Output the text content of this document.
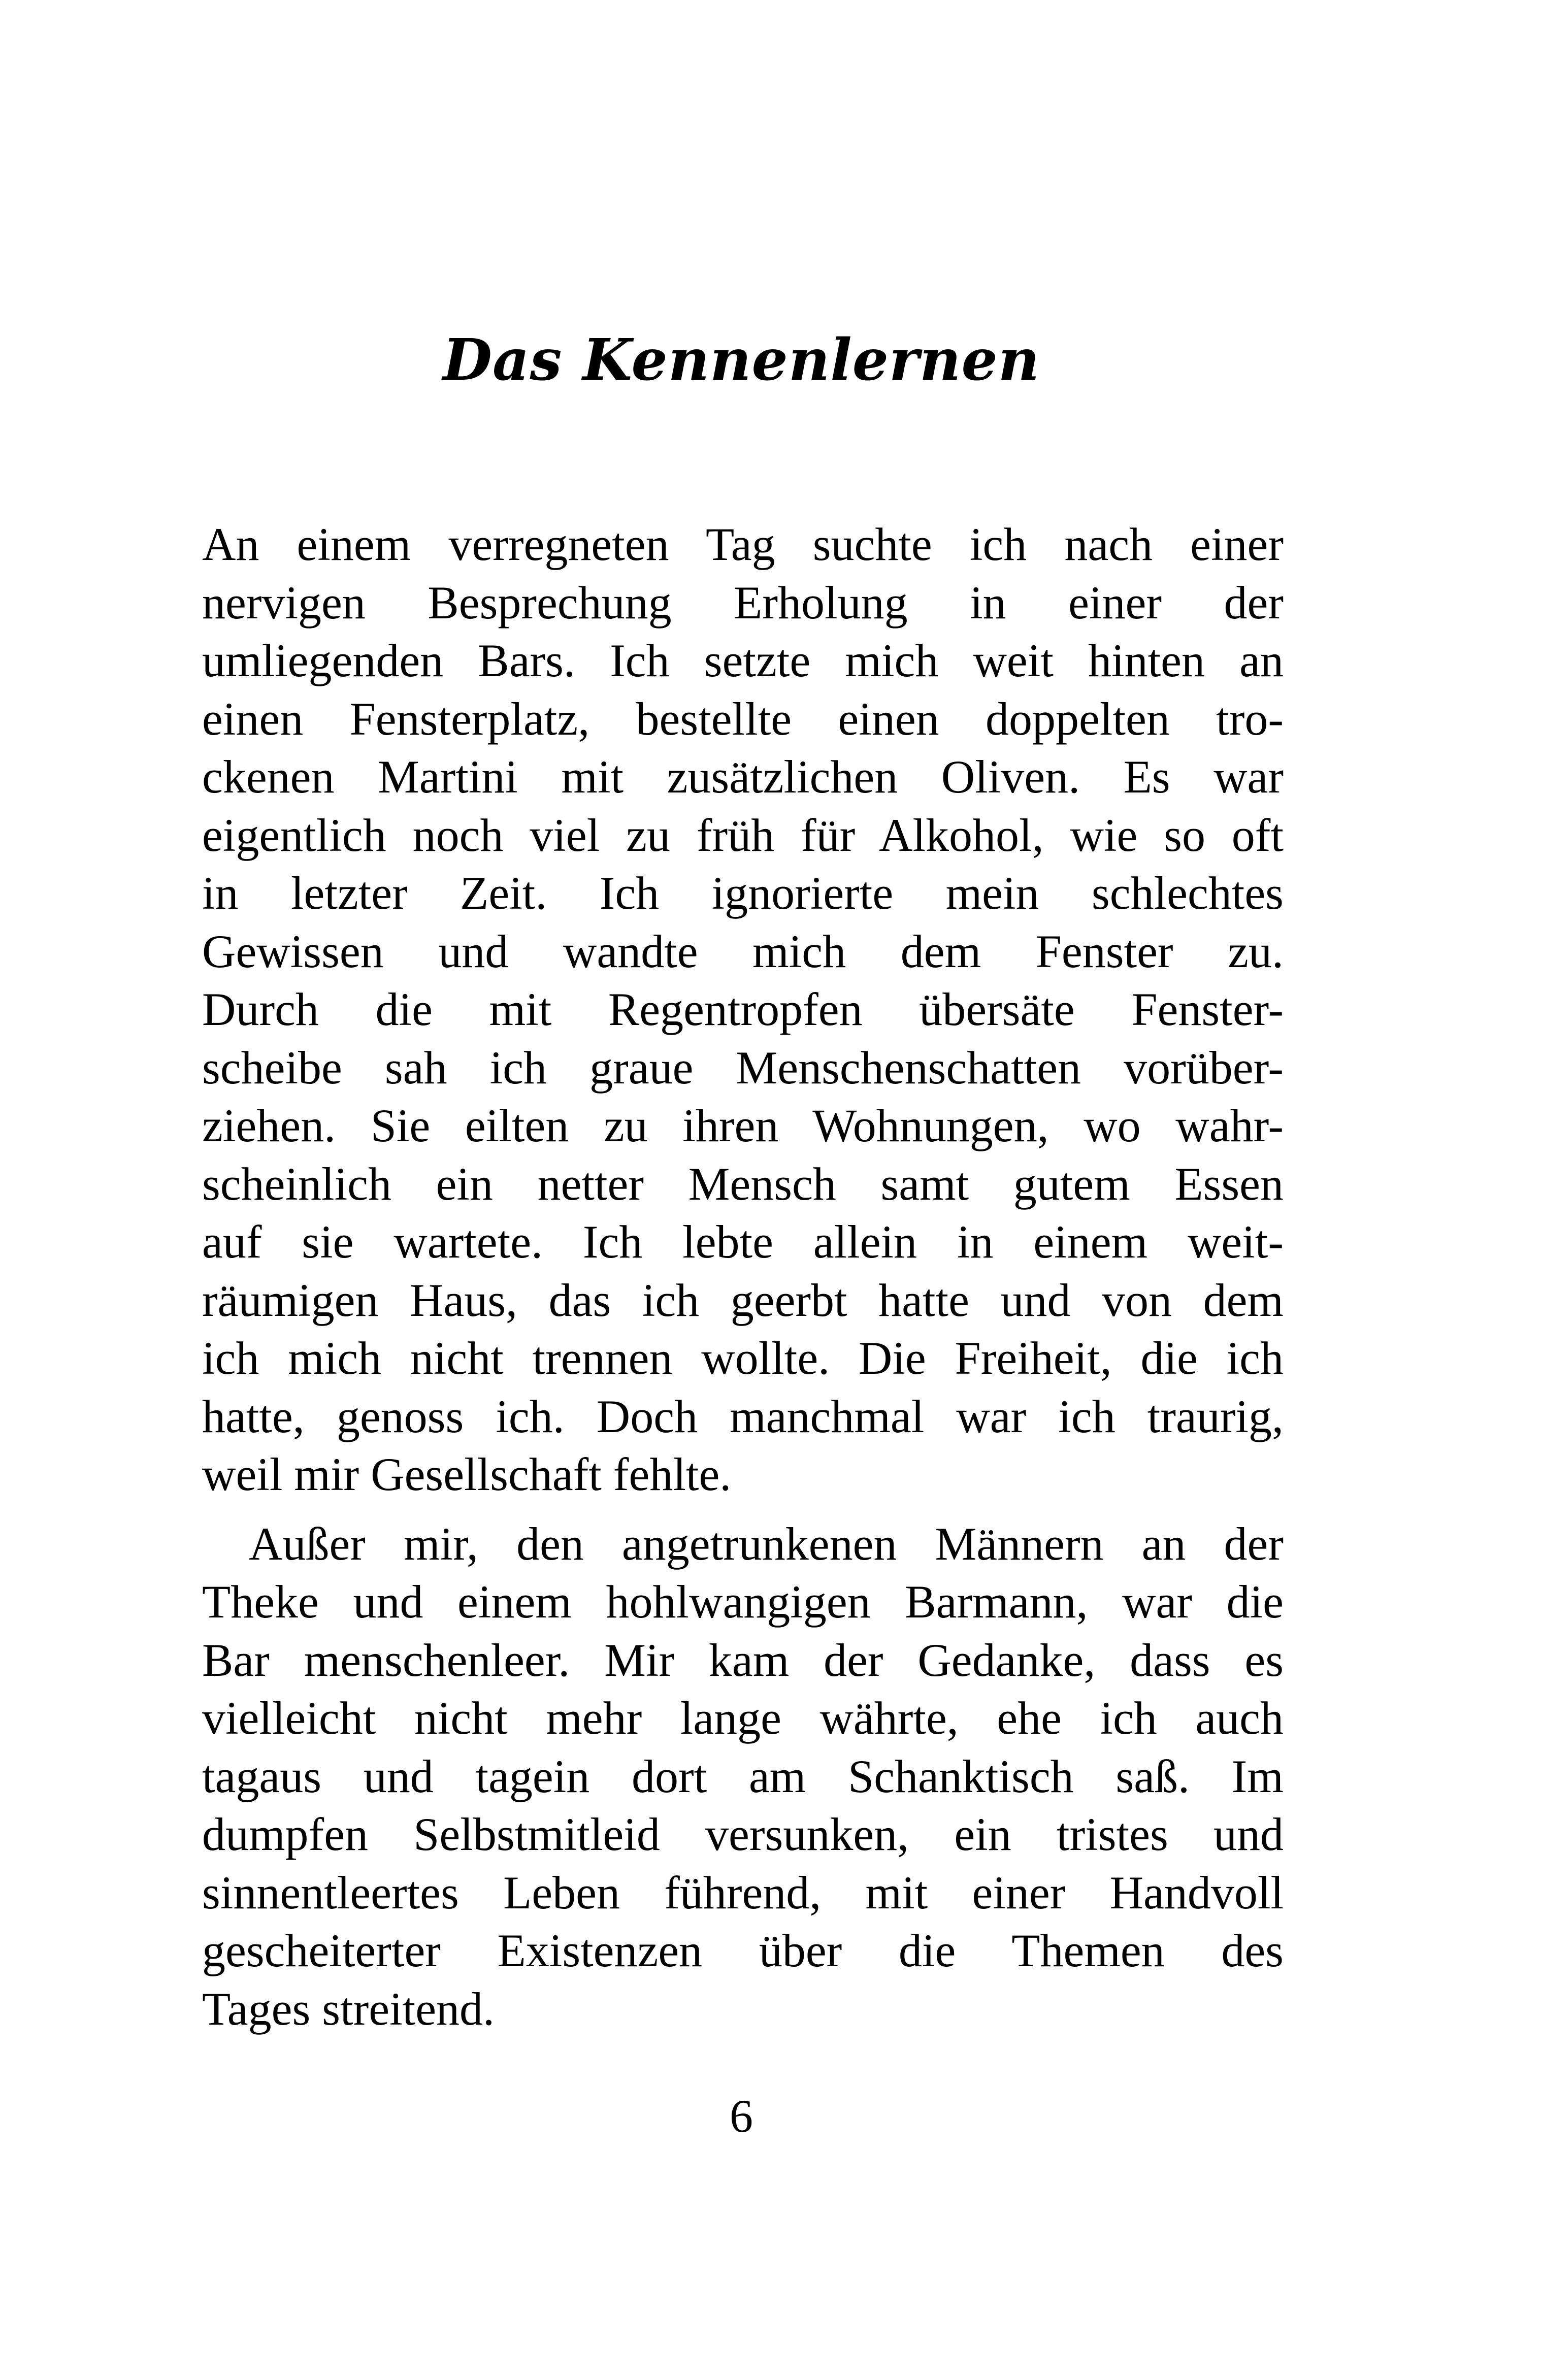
Das Kennenlernen
An einem verregneten Tag suchte ich nach einer
nervigen Besprechung Erholung in einer der
umliegenden Bars. Ich setzte mich weit hinten an
einen Fensterplatz, bestellte einen doppelten tro-
ckenen Martini mit zusätzlichen Oliven. Es war
eigentlich noch viel zu früh für Alkohol, wie so oft
in letzter Zeit. Ich ignorierte mein schlechtes
Gewissen und wandte mich dem Fenster zu.
Durch die mit Regentropfen übersäte Fenster-
scheibe sah ich graue Menschenschatten vorüber-
ziehen. Sie eilten zu ihren Wohnungen, wo wahr-
scheinlich ein netter Mensch samt gutem Essen
auf sie wartete. Ich lebte allein in einem weit-
räumigen Haus, das ich geerbt hatte und von dem
ich mich nicht trennen wollte. Die Freiheit, die ich
hatte, genoss ich. Doch manchmal war ich traurig,
weil mir Gesellschaft fehlte.
Außer mir, den angetrunkenen Männern an der
Theke und einem hohlwangigen Barmann, war die
Bar menschenleer. Mir kam der Gedanke, dass es
vielleicht nicht mehr lange währte, ehe ich auch
tagaus und tagein dort am Schanktisch saß. Im
dumpfen Selbstmitleid versunken, ein tristes und
sinnentleertes Leben führend, mit einer Handvoll
gescheiterter Existenzen über die Themen des
Tages streitend.
6
